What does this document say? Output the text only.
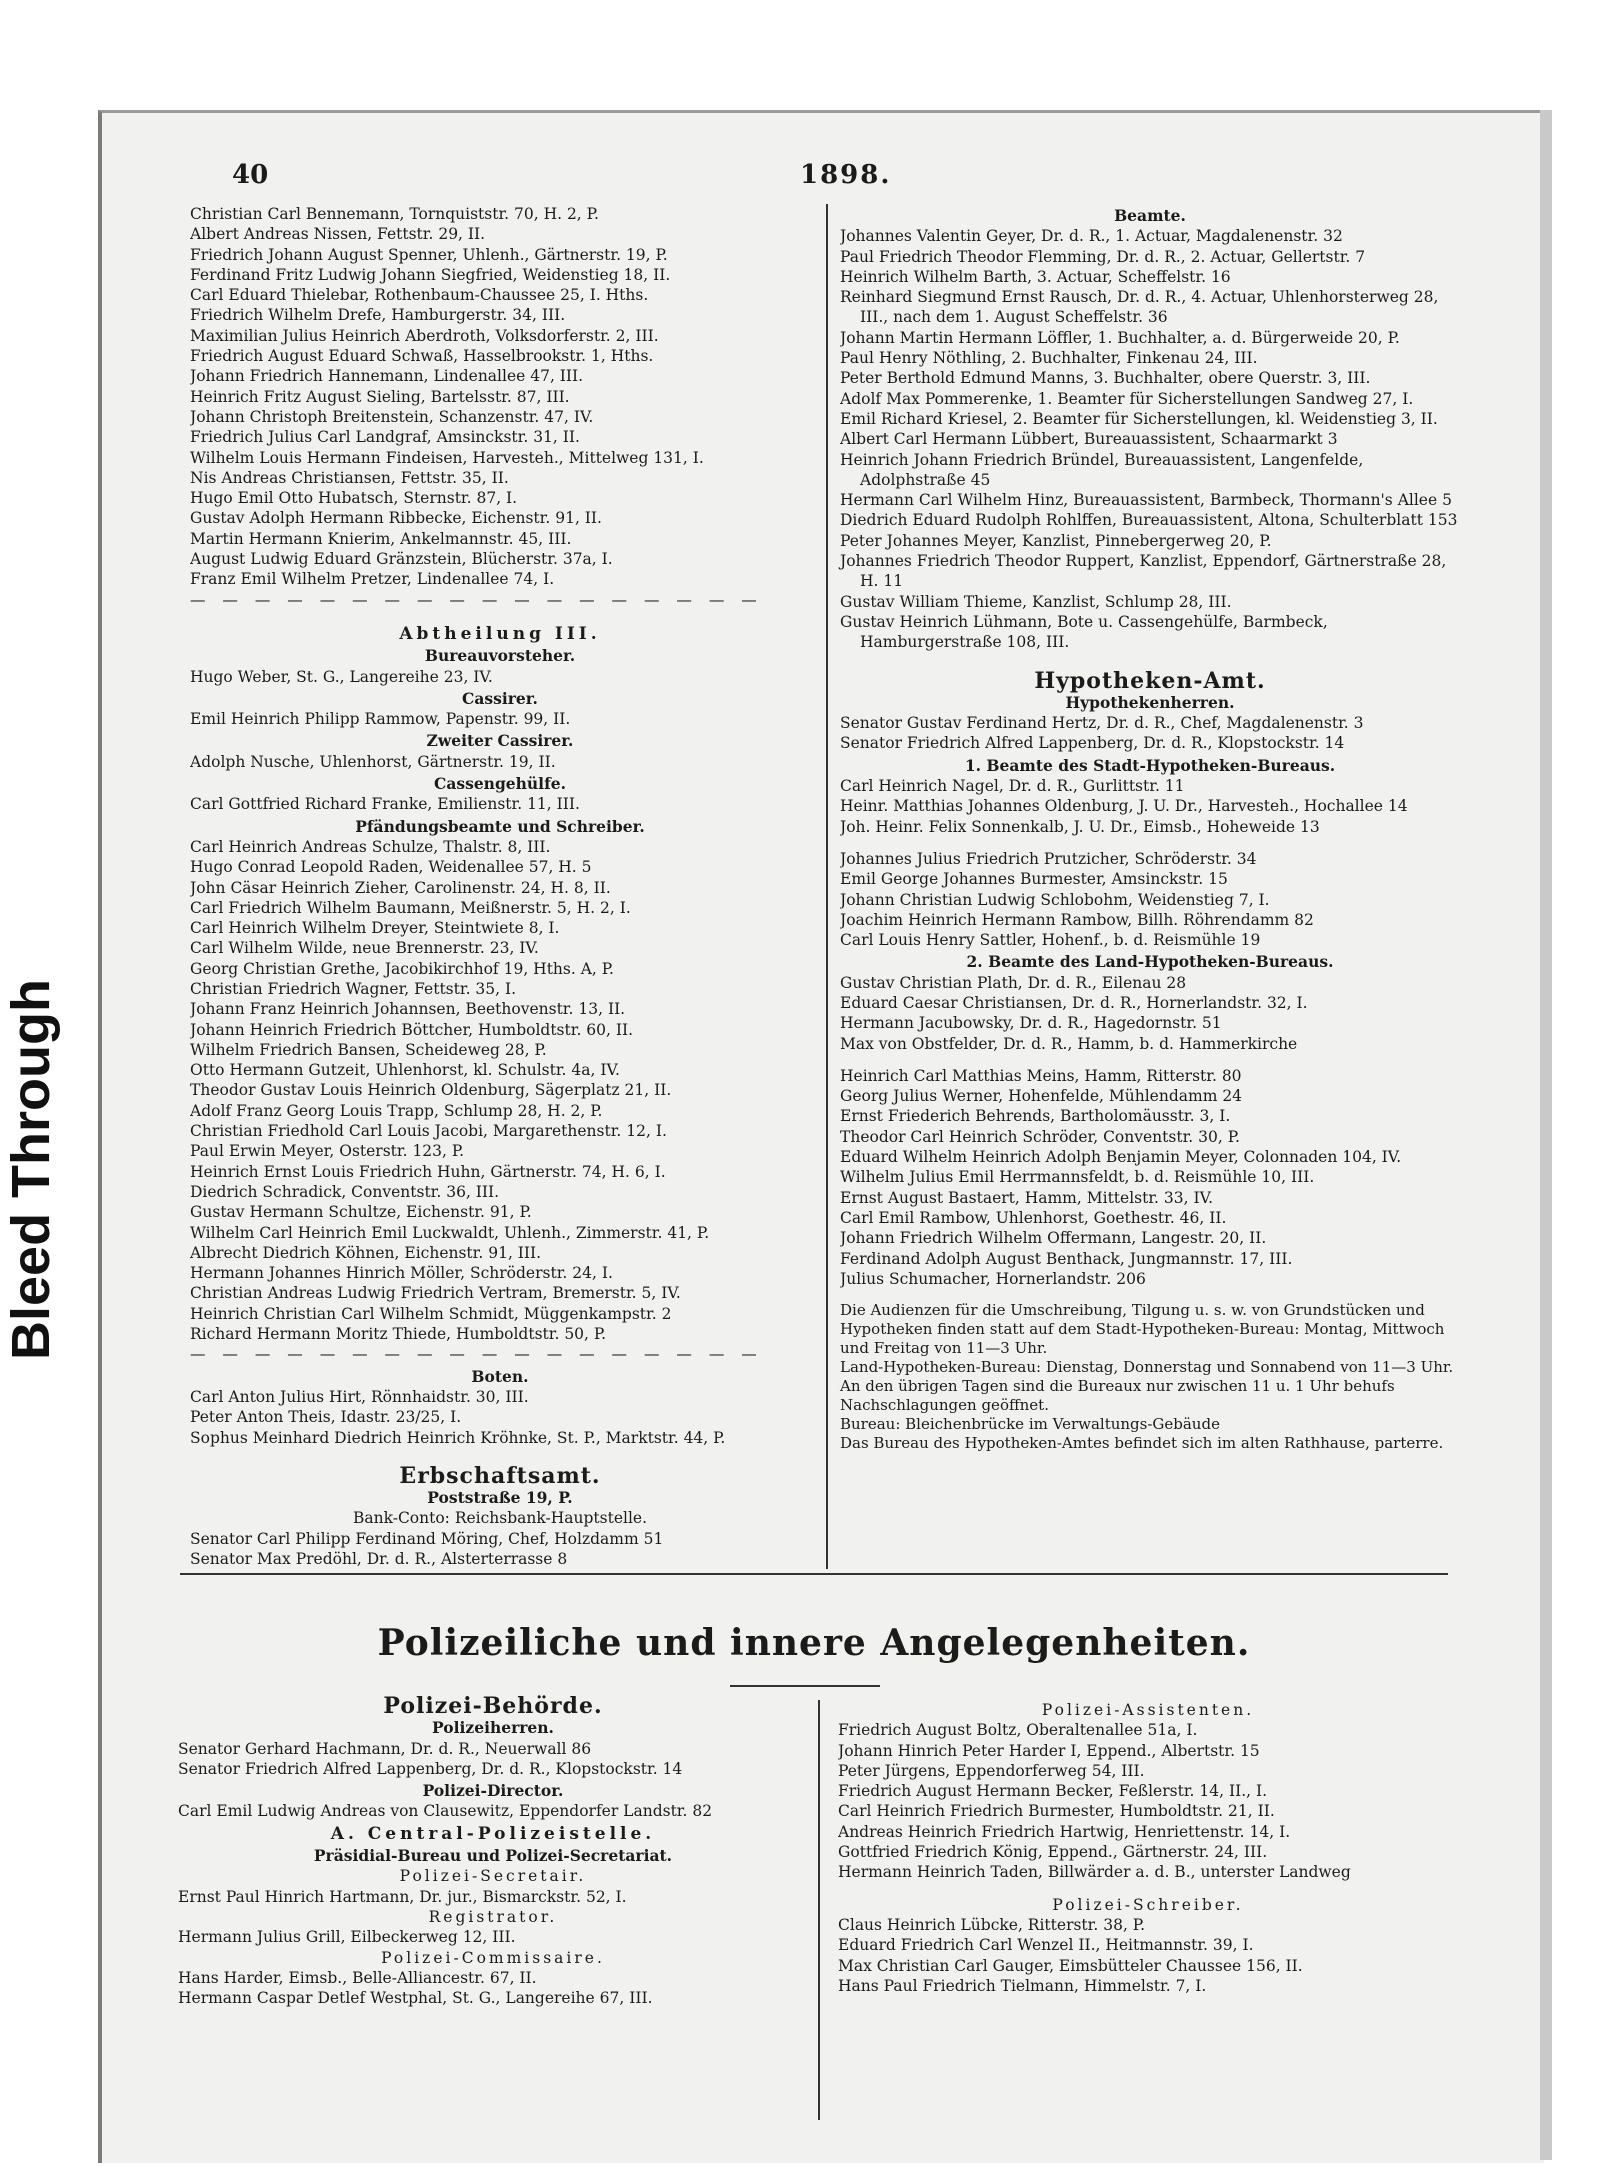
Bleed Through
40	1898.
Christian Carl Bennemann, Tornquiststr. 70, H. 2, P.
Albert Andreas Nissen, Fettstr. 29, II.
Friedrich Johann August Spenner, Uhlenh., Gärtnerstr. 19, P.
Ferdinand Fritz Ludwig Johann Siegfried, Weidenstieg 18, II.
Carl Eduard Thielebar, Rothenbaum-Chaussee 25, I. Hths.
Friedrich Wilhelm Drefe, Hamburgerstr. 34, III.
Maximilian Julius Heinrich Aberdroth, Volksdorferstr. 2, III.
Friedrich August Eduard Schwaß, Hasselbrookstr. 1, Hths.
Johann Friedrich Hannemann, Lindenallee 47, III.
Heinrich Fritz August Sieling, Bartelsstr. 87, III.
Johann Christoph Breitenstein, Schanzenstr. 47, IV.
Friedrich Julius Carl Landgraf, Amsinckstr. 31, II.
Wilhelm Louis Hermann Findeisen, Harvesteh., Mittelweg 131, I.
Nis Andreas Christiansen, Fettstr. 35, II.
Hugo Emil Otto Hubatsch, Sternstr. 87, I.
Gustav Adolph Hermann Ribbecke, Eichenstr. 91, II.
Martin Hermann Knierim, Ankelmannstr. 45, III.
August Ludwig Eduard Gränzstein, Blücherstr. 37a, I.
Franz Emil Wilhelm Pretzer, Lindenallee 74, I.
— — — — — — — — — — — — — — — — — —
Abtheilung III.
Bureauvorsteher.
Hugo Weber, St. G., Langereihe 23, IV.
Cassirer.
Emil Heinrich Philipp Rammow, Papenstr. 99, II.
Zweiter Cassirer.
Adolph Nusche, Uhlenhorst, Gärtnerstr. 19, II.
Cassengehülfe.
Carl Gottfried Richard Franke, Emilienstr. 11, III.
Pfändungsbeamte und Schreiber.
Carl Heinrich Andreas Schulze, Thalstr. 8, III.
Hugo Conrad Leopold Raden, Weidenallee 57, H. 5
John Cäsar Heinrich Zieher, Carolinenstr. 24, H. 8, II.
Carl Friedrich Wilhelm Baumann, Meißnerstr. 5, H. 2, I.
Carl Heinrich Wilhelm Dreyer, Steintwiete 8, I.
Carl Wilhelm Wilde, neue Brennerstr. 23, IV.
Georg Christian Grethe, Jacobikirchhof 19, Hths. A, P.
Christian Friedrich Wagner, Fettstr. 35, I.
Johann Franz Heinrich Johannsen, Beethovenstr. 13, II.
Johann Heinrich Friedrich Böttcher, Humboldtstr. 60, II.
Wilhelm Friedrich Bansen, Scheideweg 28, P.
Otto Hermann Gutzeit, Uhlenhorst, kl. Schulstr. 4a, IV.
Theodor Gustav Louis Heinrich Oldenburg, Sägerplatz 21, II.
Adolf Franz Georg Louis Trapp, Schlump 28, H. 2, P.
Christian Friedhold Carl Louis Jacobi, Margarethenstr. 12, I.
Paul Erwin Meyer, Osterstr. 123, P.
Heinrich Ernst Louis Friedrich Huhn, Gärtnerstr. 74, H. 6, I.
Diedrich Schradick, Conventstr. 36, III.
Gustav Hermann Schultze, Eichenstr. 91, P.
Wilhelm Carl Heinrich Emil Luckwaldt, Uhlenh., Zimmerstr. 41, P.
Albrecht Diedrich Köhnen, Eichenstr. 91, III.
Hermann Johannes Hinrich Möller, Schröderstr. 24, I.
Christian Andreas Ludwig Friedrich Vertram, Bremerstr. 5, IV.
Heinrich Christian Carl Wilhelm Schmidt, Müggenkampstr. 2
Richard Hermann Moritz Thiede, Humboldtstr. 50, P.
— — — — — — — — — — — — — — — — — —
Boten.
Carl Anton Julius Hirt, Rönnhaidstr. 30, III.
Peter Anton Theis, Idastr. 23/25, I.
Sophus Meinhard Diedrich Heinrich Kröhnke, St. P., Marktstr. 44, P.
Erbschaftsamt.
Poststraße 19, P.
Bank-Conto: Reichsbank-Hauptstelle.
Senator Carl Philipp Ferdinand Möring, Chef, Holzdamm 51
Senator Max Predöhl, Dr. d. R., Alsterterrasse 8
Beamte.
Johannes Valentin Geyer, Dr. d. R., 1. Actuar, Magdalenenstr. 32
Paul Friedrich Theodor Flemming, Dr. d. R., 2. Actuar, Gellertstr. 7
Heinrich Wilhelm Barth, 3. Actuar, Scheffelstr. 16
Reinhard Siegmund Ernst Rausch, Dr. d. R., 4. Actuar, Uhlenhorsterweg 28, III., nach dem 1. August Scheffelstr. 36
Johann Martin Hermann Löffler, 1. Buchhalter, a. d. Bürgerweide 20, P.
Paul Henry Nöthling, 2. Buchhalter, Finkenau 24, III.
Peter Berthold Edmund Manns, 3. Buchhalter, obere Querstr. 3, III.
Adolf Max Pommerenke, 1. Beamter für Sicherstellungen Sandweg 27, I.
Emil Richard Kriesel, 2. Beamter für Sicherstellungen, kl. Weidenstieg 3, II.
Albert Carl Hermann Lübbert, Bureauassistent, Schaarmarkt 3
Heinrich Johann Friedrich Bründel, Bureauassistent, Langenfelde, Adolphstraße 45
Hermann Carl Wilhelm Hinz, Bureauassistent, Barmbeck, Thormann's Allee 5
Diedrich Eduard Rudolph Rohlffen, Bureauassistent, Altona, Schulterblatt 153
Peter Johannes Meyer, Kanzlist, Pinnebergerweg 20, P.
Johannes Friedrich Theodor Ruppert, Kanzlist, Eppendorf, Gärtnerstraße 28, H. 11
Gustav William Thieme, Kanzlist, Schlump 28, III.
Gustav Heinrich Lühmann, Bote u. Cassengehülfe, Barmbeck, Hamburgerstraße 108, III.
Hypotheken-Amt.
Hypothekenherren.
Senator Gustav Ferdinand Hertz, Dr. d. R., Chef, Magdalenenstr. 3
Senator Friedrich Alfred Lappenberg, Dr. d. R., Klopstockstr. 14
1. Beamte des Stadt-Hypotheken-Bureaus.
Carl Heinrich Nagel, Dr. d. R., Gurlittstr. 11
Heinr. Matthias Johannes Oldenburg, J. U. Dr., Harvesteh., Hochallee 14
Joh. Heinr. Felix Sonnenkalb, J. U. Dr., Eimsb., Hoheweide 13
Johannes Julius Friedrich Prutzicher, Schröderstr. 34
Emil George Johannes Burmester, Amsinckstr. 15
Johann Christian Ludwig Schlobohm, Weidenstieg 7, I.
Joachim Heinrich Hermann Rambow, Billh. Röhrendamm 82
Carl Louis Henry Sattler, Hohenf., b. d. Reismühle 19
2. Beamte des Land-Hypotheken-Bureaus.
Gustav Christian Plath, Dr. d. R., Eilenau 28
Eduard Caesar Christiansen, Dr. d. R., Hornerlandstr. 32, I.
Hermann Jacubowsky, Dr. d. R., Hagedornstr. 51
Max von Obstfelder, Dr. d. R., Hamm, b. d. Hammerkirche
Heinrich Carl Matthias Meins, Hamm, Ritterstr. 80
Georg Julius Werner, Hohenfelde, Mühlendamm 24
Ernst Friederich Behrends, Bartholomäusstr. 3, I.
Theodor Carl Heinrich Schröder, Conventstr. 30, P.
Eduard Wilhelm Heinrich Adolph Benjamin Meyer, Colonnaden 104, IV.
Wilhelm Julius Emil Herrmannsfeldt, b. d. Reismühle 10, III.
Ernst August Bastaert, Hamm, Mittelstr. 33, IV.
Carl Emil Rambow, Uhlenhorst, Goethestr. 46, II.
Johann Friedrich Wilhelm Offermann, Langestr. 20, II.
Ferdinand Adolph August Benthack, Jungmannstr. 17, III.
Julius Schumacher, Hornerlandstr. 206
Die Audienzen für die Umschreibung, Tilgung u. s. w. von Grundstücken und Hypotheken finden statt auf dem Stadt-Hypotheken-Bureau: Montag, Mittwoch und Freitag von 11—3 Uhr.
Land-Hypotheken-Bureau: Dienstag, Donnerstag und Sonnabend von 11—3 Uhr.
An den übrigen Tagen sind die Bureaux nur zwischen 11 u. 1 Uhr behufs Nachschlagungen geöffnet.
Bureau: Bleichenbrücke im Verwaltungs-Gebäude
Das Bureau des Hypotheken-Amtes befindet sich im alten Rathhause, parterre.
Polizeiliche und innere Angelegenheiten.
Polizei-Behörde.
Polizeiherren.
Senator Gerhard Hachmann, Dr. d. R., Neuerwall 86
Senator Friedrich Alfred Lappenberg, Dr. d. R., Klopstockstr. 14
Polizei-Director.
Carl Emil Ludwig Andreas von Clausewitz, Eppendorfer Landstr. 82
A. Central-Polizeistelle.
Präsidial-Bureau und Polizei-Secretariat.
Polizei-Secretair.
Ernst Paul Hinrich Hartmann, Dr. jur., Bismarckstr. 52, I.
Registrator.
Hermann Julius Grill, Eilbeckerweg 12, III.
Polizei-Commissaire.
Hans Harder, Eimsb., Belle-Alliancestr. 67, II.
Hermann Caspar Detlef Westphal, St. G., Langereihe 67, III.
Polizei-Assistenten.
Friedrich August Boltz, Oberaltenallee 51a, I.
Johann Hinrich Peter Harder I, Eppend., Albertstr. 15
Peter Jürgens, Eppendorferweg 54, III.
Friedrich August Hermann Becker, Feßlerstr. 14, II., I.
Carl Heinrich Friedrich Burmester, Humboldtstr. 21, II.
Andreas Heinrich Friedrich Hartwig, Henriettenstr. 14, I.
Gottfried Friedrich König, Eppend., Gärtnerstr. 24, III.
Hermann Heinrich Taden, Billwärder a. d. B., unterster Landweg
Polizei-Schreiber.
Claus Heinrich Lübcke, Ritterstr. 38, P.
Eduard Friedrich Carl Wenzel II., Heitmannstr. 39, I.
Max Christian Carl Gauger, Eimsbütteler Chaussee 156, II.
Hans Paul Friedrich Tielmann, Himmelstr. 7, I.
